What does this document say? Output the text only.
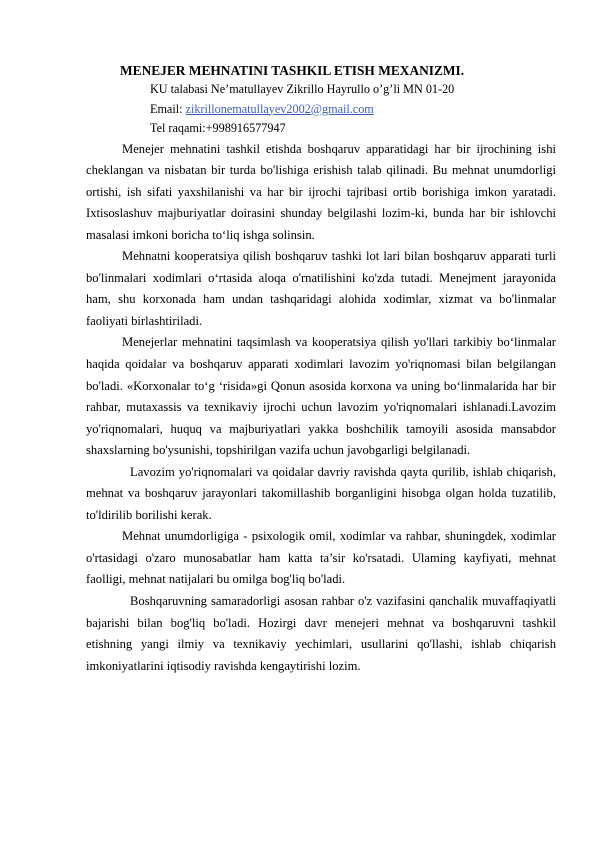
MENEJER MEHNATINI TASHKIL ETISH MEXANIZMI.
KU talabasi Ne’matullayev Zikrillo Hayrullo o’g’li MN 01-20
Email: zikrillonematullayev2002@gmail.com
Tel raqami:+998916577947

Menejer mehnatini tashkil etishda boshqaruv apparatidagi har bir ijrochining ishi cheklangan va nisbatan bir turda bo'lishiga erishish talab qilinadi. Bu mehnat unumdorligi ortishi, ish sifati yaxshilanishi va har bir ijrochi tajribasi ortib borishiga imkon yaratadi. Ixtisoslashuv majburiyatlar doirasini shunday belgilashi lozim-ki, bunda har bir ishlovchi masalasi imkoni boricha to‘liq ishga solinsin.

Mehnatni kooperatsiya qilish boshqaruv tashki lot lari bilan boshqaruv apparati turli bo'linmalari xodimlari o‘rtasida aloqa o'rnatilishini ko'zda tutadi. Menejment jarayonida ham, shu korxonada ham undan tashqaridagi alohida xodimlar, xizmat va bo'linmalar faoliyati birlashtiriladi.

Menejerlar mehnatini taqsimlash va kooperatsiya qilish yo'llari tarkibiy bo‘linmalar haqida qoidalar va boshqaruv apparati xodimlari lavozim yo'riqnomasi bilan belgilangan bo'ladi. «Korxonalar to‘g ‘risida»gi Qonun asosida korxona va uning bo‘linmalarida har bir rahbar, mutaxassis va texnikaviy ijrochi uchun lavozim yo'riqnomalari ishlanadi.Lavozim yo'riqnomalari, huquq va majburiyatlari yakka boshchilik tamoyili asosida mansabdor shaxslarning bo'ysunishi, topshirilgan vazifa uchun javobgarligi belgilanadi.

Lavozim yo'riqnomalari va qoidalar davriy ravishda qayta qurilib, ishlab chiqarish, mehnat va boshqaruv jarayonlari takomillashib borganligini hisobga olgan holda tuzatilib, to'ldirilib borilishi kerak.

Mehnat unumdorligiga - psixologik omil, xodimlar va rahbar, shuningdek, xodimlar o'rtasidagi o'zaro munosabatlar ham katta ta’sir ko'rsatadi. Ulaming kayfiyati, mehnat faolligi, mehnat natijalari bu omilga bog'liq bo'ladi.

Boshqaruvning samaradorligi asosan rahbar o'z vazifasini qanchalik muvaffaqiyatli bajarishi bilan bog'liq bo'ladi. Hozirgi davr menejeri mehnat va boshqaruvni tashkil etishning yangi ilmiy va texnikaviy yechimlari, usullarini qo'llashi, ishlab chiqarish imkoniyatlarini iqtisodiy ravishda kengaytirishi lozim.
